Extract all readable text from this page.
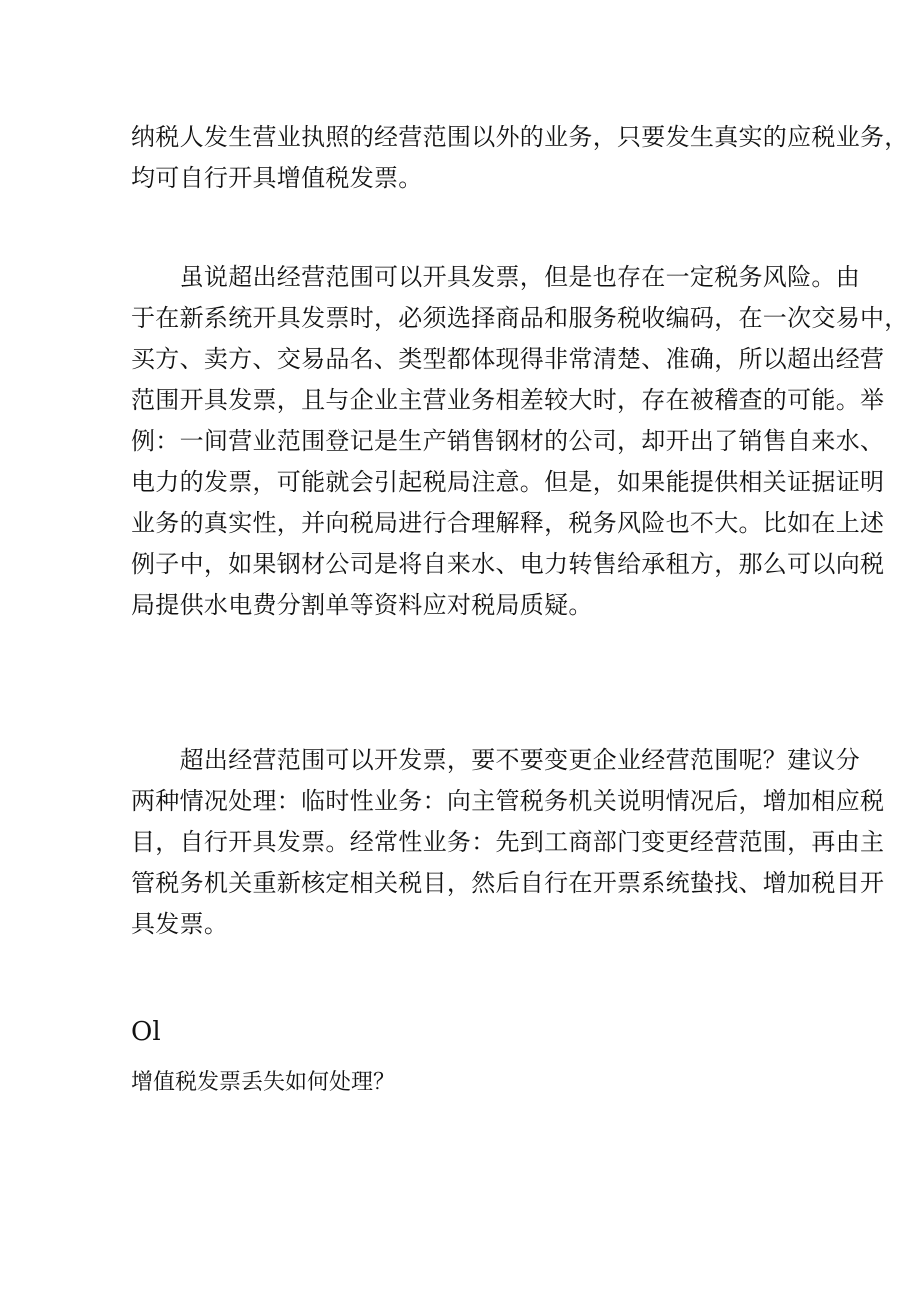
纳税人发生营业执照的经营范围以外的业务，只要发生真实的应税业务，
均可自行开具增值税发票。

　　虽说超出经营范围可以开具发票，但是也存在一定税务风险。由
于在新系统开具发票时，必须选择商品和服务税收编码，在一次交易中，
买方、卖方、交易品名、类型都体现得非常清楚、准确，所以超出经营
范围开具发票，且与企业主营业务相差较大时，存在被稽查的可能。举
例：一间营业范围登记是生产销售钢材的公司，却开出了销售自来水、
电力的发票，可能就会引起税局注意。但是，如果能提供相关证据证明
业务的真实性，并向税局进行合理解释，税务风险也不大。比如在上述
例子中，如果钢材公司是将自来水、电力转售给承租方，那么可以向税
局提供水电费分割单等资料应对税局质疑。

　　超出经营范围可以开发票，要不要变更企业经营范围呢？建议分
两种情况处理：临时性业务：向主管税务机关说明情况后，增加相应税
目，自行开具发票。经常性业务：先到工商部门变更经营范围，再由主
管税务机关重新核定相关税目，然后自行在开票系统蛰找、增加税目开
具发票。

Ol

增值税发票丢失如何处理？
